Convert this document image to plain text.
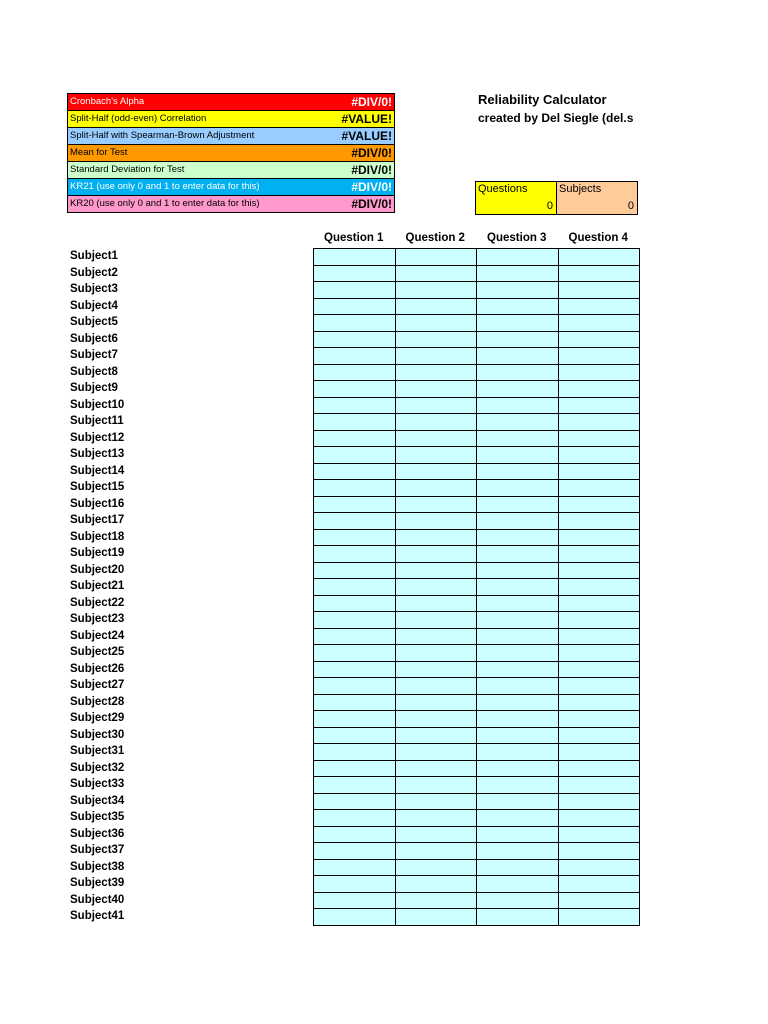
Cronbach's Alpha	#DIV/0!
Split-Half (odd-even) Correlation	#VALUE!
Split-Half with Spearman-Brown Adjustment	#VALUE!
Mean for Test	#DIV/0!
Standard Deviation for Test	#DIV/0!
KR21 (use only 0 and 1 to enter data for this)	#DIV/0!
KR20 (use only 0 and 1 to enter data for this)	#DIV/0!
Reliability Calculator
created by Del Siegle (del.s
Questions
0
Subjects
0
Question 1	Question 2	Question 3	Question 4
Subject1
Subject2
Subject3
Subject4
Subject5
Subject6
Subject7
Subject8
Subject9
Subject10
Subject11
Subject12
Subject13
Subject14
Subject15
Subject16
Subject17
Subject18
Subject19
Subject20
Subject21
Subject22
Subject23
Subject24
Subject25
Subject26
Subject27
Subject28
Subject29
Subject30
Subject31
Subject32
Subject33
Subject34
Subject35
Subject36
Subject37
Subject38
Subject39
Subject40
Subject41
